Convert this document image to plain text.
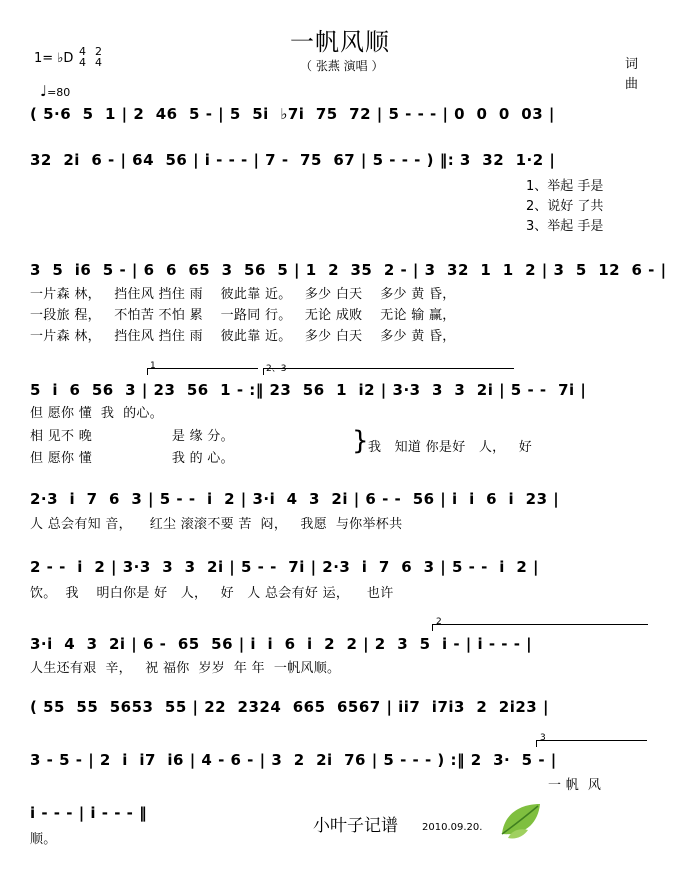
一帆风顺
（ 张燕 演唱 ）
1= ♭D 4
4
2
4
♩=80
词
曲
( 5·6  5  1 | 2  46  5 - | 5  5i  ♭7i  75  72 | 5 - - - | 0  0  0  03 |
32  2i  6 - | 64  56 | i - - - | 7 -  75  67 | 5 - - - ) ‖: 3  32  1·2 |
1、举起 手是
2、说好 了共
3、举起 手是
3  5  i6  5 - | 6  6  65  3  56  5 | 1  2  35  2 - | 3  32  1  1  2 | 3  5  12  6 - |
一片森 林，   挡住风 挡住 雨    彼此靠 近。   多少 白天    多少 黄 昏，
一段旅 程，   不怕苦 不怕 累    一路同 行。   无论 成败    无论 输 赢，
一片森 林，   挡住风 挡住 雨    彼此靠 近。   多少 白天    多少 黄 昏，
1	2、3
5  i  6  56  3 | 23  56  1 - :‖ 23  56  1  i2 | 3·3  3  3  2i | 5 - -  7i |
但 愿你 懂  我  的心。
相 见不 晚                  是 缘 分。
但 愿你 懂                  我 的 心。
} 我   知道 你是好   人，   好
2·3  i  7  6  3 | 5 - -  i  2 | 3·i  4  3  2i | 6 - -  56 | i  i  6  i  23 |
人 总会有知 音，    红尘 滚滚不要 苦  闷，   我愿  与你举杯共
2 - -  i  2 | 3·3  3  3  2i | 5 - -  7i | 2·3  i  7  6  3 | 5 - -  i  2 |
饮。  我    明白你是 好   人，   好   人 总会有好 运，    也许
2
3·i  4  3  2i | 6 -  65  56 | i  i  6  i  2  2 | 2  3  5  i - | i - - - |
人生还有艰  辛，   祝 福你  岁岁  年 年  一帆风顺。
( 55  55  5653  55 | 22  2324  665  6567 | ii7  i7i3  2  2i23 |
3
3 - 5 - | 2  i  i7  i6 | 4 - 6 - | 3  2  2i  76 | 5 - - - ) :‖ 2  3·  5 - |
一 帆  风
i - - - | i - - - ‖
顺。
小叶子记谱 2010.09.20.
